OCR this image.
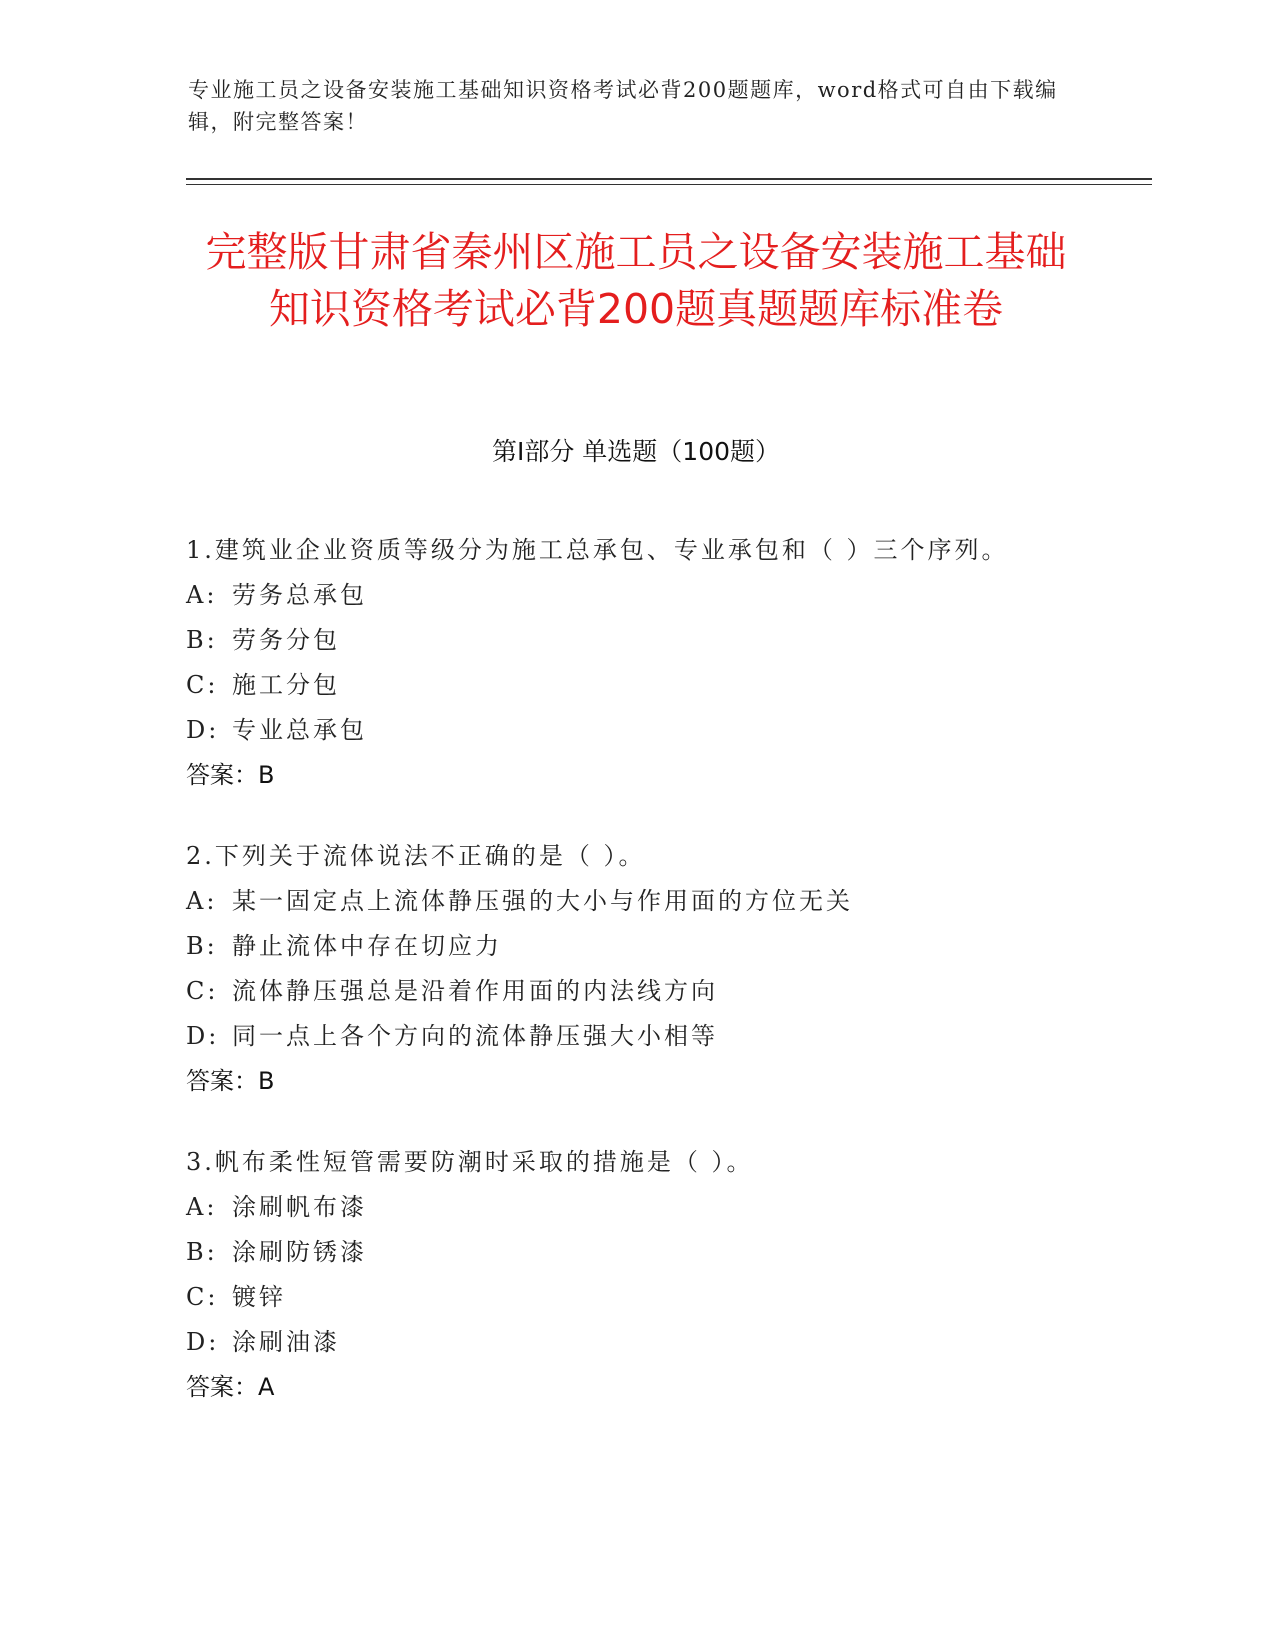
专业施工员之设备安装施工基础知识资格考试必背200题题库，word格式可自由下载编辑，附完整答案！
完整版甘肃省秦州区施工员之设备安装施工基础知识资格考试必背200题真题题库标准卷
第Ⅰ部分 单选题（100题）
1.建筑业企业资质等级分为施工总承包、专业承包和（ ）三个序列。
A: 劳务总承包
B: 劳务分包
C: 施工分包
D: 专业总承包
答案：B
2.下列关于流体说法不正确的是（ ）。
A: 某一固定点上流体静压强的大小与作用面的方位无关
B: 静止流体中存在切应力
C: 流体静压强总是沿着作用面的内法线方向
D: 同一点上各个方向的流体静压强大小相等
答案：B
3.帆布柔性短管需要防潮时采取的措施是（ ）。
A: 涂刷帆布漆
B: 涂刷防锈漆
C: 镀锌
D: 涂刷油漆
答案：A
